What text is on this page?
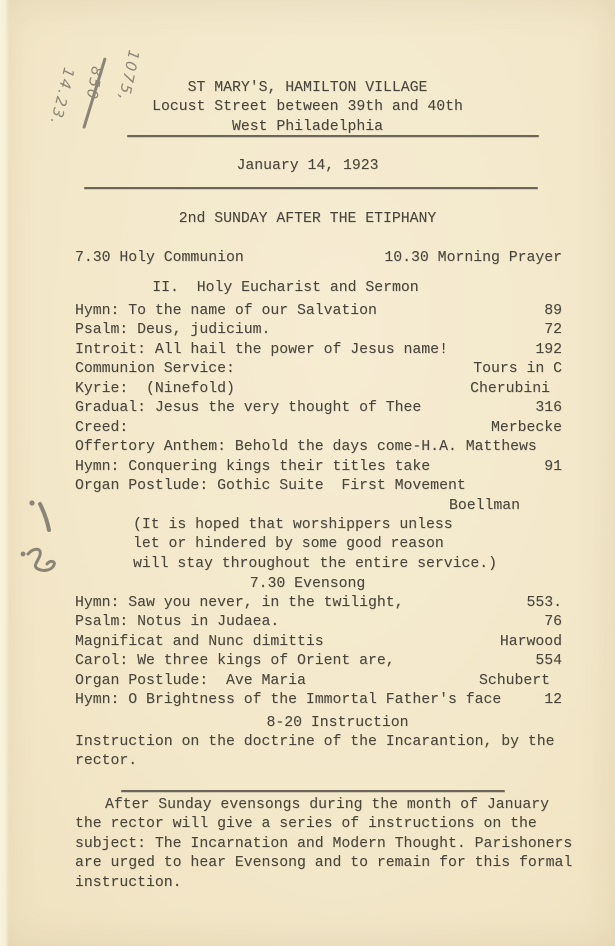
14.23. 850 1075,	ST MARY'S, HAMILTON VILLAGE
Locust Street between 39th and 40th
West Philadelphia
January 14, 1923
2nd SUNDAY AFTER THE ETIPHANY
7.30 Holy Communion	10.30 Morning Prayer
II.  Holy Eucharist and Sermon
Hymn: To the name of our Salvation	89
Psalm: Deus, judicium.	72
Introit: All hail the power of Jesus name!	192
Communion Service:	Tours in C
Kyrie:  (Ninefold)	Cherubini
Gradual: Jesus the very thought of Thee	316
Creed:	Merbecke
Offertory Anthem: Behold the days come-H.A. Matthews
Hymn: Conquering kings their titles take	91
Organ Postlude: Gothic Suite  First Movement
Boellman
(It is hoped that worshippers unless
let or hindered by some good reason
will stay throughout the entire service.)
7.30 Evensong
Hymn: Saw you never, in the twilight,	553.
Psalm: Notus in Judaea.	76
Magnificat and Nunc dimittis	Harwood
Carol: We three kings of Orient are,	554
Organ Postlude:  Ave Maria	Schubert
Hymn: O Brightness of the Immortal Father's face	12
8-20 Instruction
Instruction on the doctrine of the Incarantion, by the
rector.

After Sunday evensongs during the month of January

the rector will give a series of instructions on the

subject: The Incarnation and Modern Thought. Parishoners

are urged to hear Evensong and to remain for this formal

instruction.
